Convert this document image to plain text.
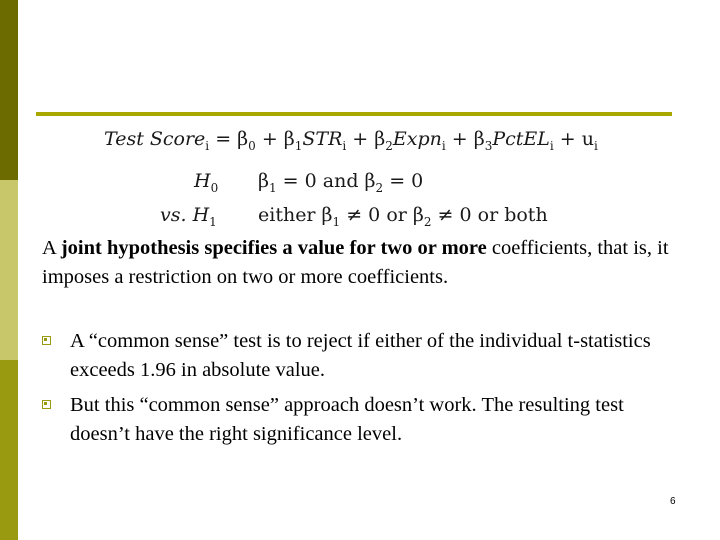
Test Score$_i$ = $\beta_0 + \beta_1STR_i$ + $\beta_2Expn_i$ + $\beta_3PctEL_i + u_i$
$H_0$ $\beta_1 = 0$ and $\beta_2 = 0$
vs. $H_1$ either $\beta_1 \ne 0$ or $\beta_2 \ne 0$ or both
A joint hypothesis specifies a value for two or more coefficients, that is, it imposes a restriction on two or more coefficients.
A “common sense” test is to reject if either of the individual t-statistics exceeds 1.96 in absolute value.
But this “common sense” approach doesn’t work. The resulting test doesn’t have the right significance level.
6
